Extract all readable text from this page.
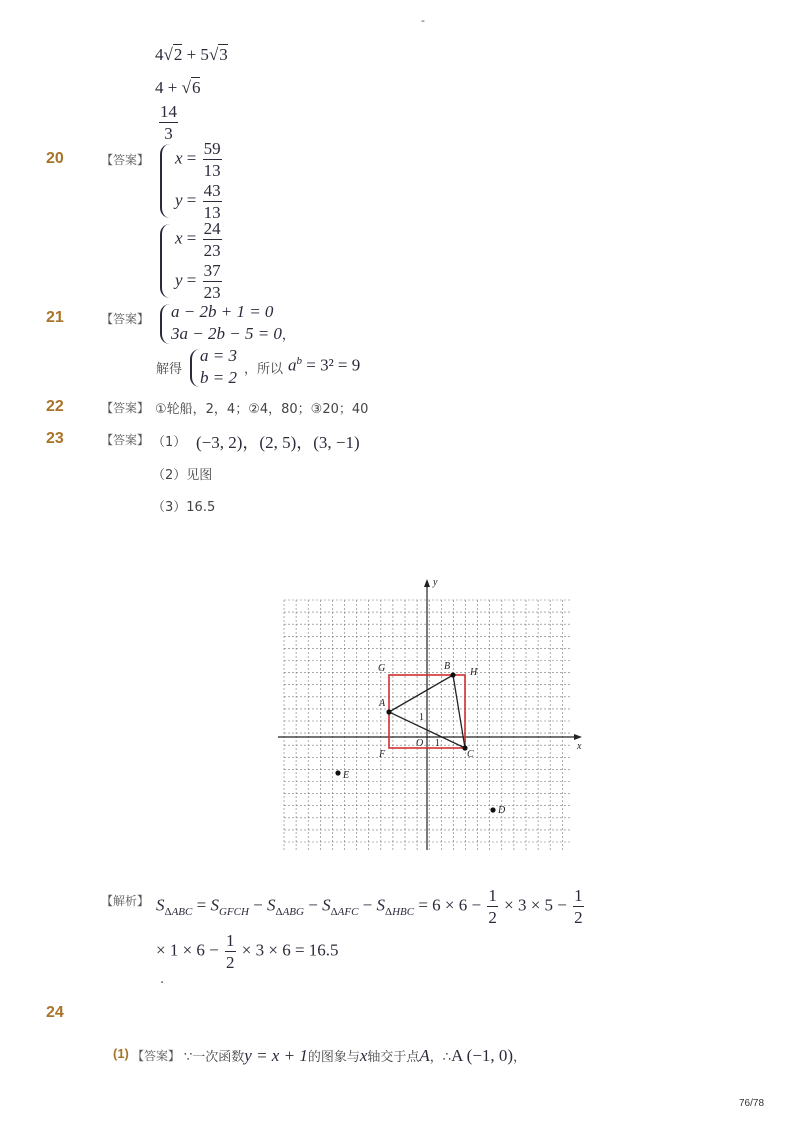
-
4√2 + 5√3
4 + √6
$\frac{14}{3}$
20	【答案】 $x = \frac{59}{13}$
$y = \frac{43}{13}$
$x = \frac{24}{23}$
$y = \frac{37}{23}$
21	【答案】 a − 2b + 1 = 0
3a − 2b − 5 = 0，
解得
a = 3
b = 2 ，所以 $a^b = 3^2 = 9$
22	【答案】 ①轮船，2，4；②4，80；③20；40
23	【答案】 （1） (−3, 2)，(2, 5)，(3, −1)
（2）见图
（3）16.5
y
x
O 1
1
A
B
C
D
E
F
G	H
【解析】 $S_{\Delta ABC} = S_{GFCH} - S_{\Delta ABG} - S_{\Delta AFC} - S_{\Delta HBC} = 6 \times 6 - \frac{1}{2} \times 3 \times 5 - \frac{1}{2}$
× $1 \times 6 - \frac{1}{2} \times 3 \times 6 = 16.5$
.
24
(1) 【答案】 ∵一次函数y = x + 1的图象与x轴交于点A，∴A (−1, 0)，
76/78
